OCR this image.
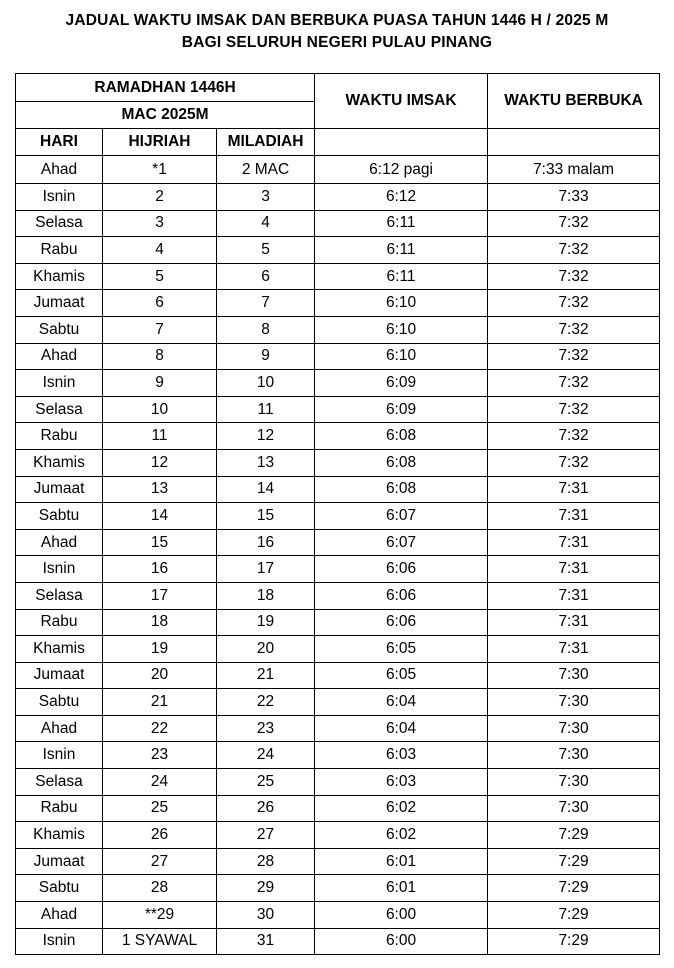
JADUAL WAKTU IMSAK DAN BERBUKA PUASA TAHUN 1446 H / 2025 M
BAGI SELURUH NEGERI PULAU PINANG
RAMADHAN 1446H			WAKTU IMSAK	WAKTU BERBUKA
MAC 2025M				
HARI	HIJRIAH	MILADIAH		
Ahad	*1	2 MAC	6:12 pagi	7:33 malam
Isnin	2	3	6:12	7:33
Selasa	3	4	6:11	7:32
Rabu	4	5	6:11	7:32
Khamis	5	6	6:11	7:32
Jumaat	6	7	6:10	7:32
Sabtu	7	8	6:10	7:32
Ahad	8	9	6:10	7:32
Isnin	9	10	6:09	7:32
Selasa	10	11	6:09	7:32
Rabu	11	12	6:08	7:32
Khamis	12	13	6:08	7:32
Jumaat	13	14	6:08	7:31
Sabtu	14	15	6:07	7:31
Ahad	15	16	6:07	7:31
Isnin	16	17	6:06	7:31
Selasa	17	18	6:06	7:31
Rabu	18	19	6:06	7:31
Khamis	19	20	6:05	7:31
Jumaat	20	21	6:05	7:30
Sabtu	21	22	6:04	7:30
Ahad	22	23	6:04	7:30
Isnin	23	24	6:03	7:30
Selasa	24	25	6:03	7:30
Rabu	25	26	6:02	7:30
Khamis	26	27	6:02	7:29
Jumaat	27	28	6:01	7:29
Sabtu	28	29	6:01	7:29
Ahad	**29	30	6:00	7:29
Isnin	1 SYAWAL	31	6:00	7:29
